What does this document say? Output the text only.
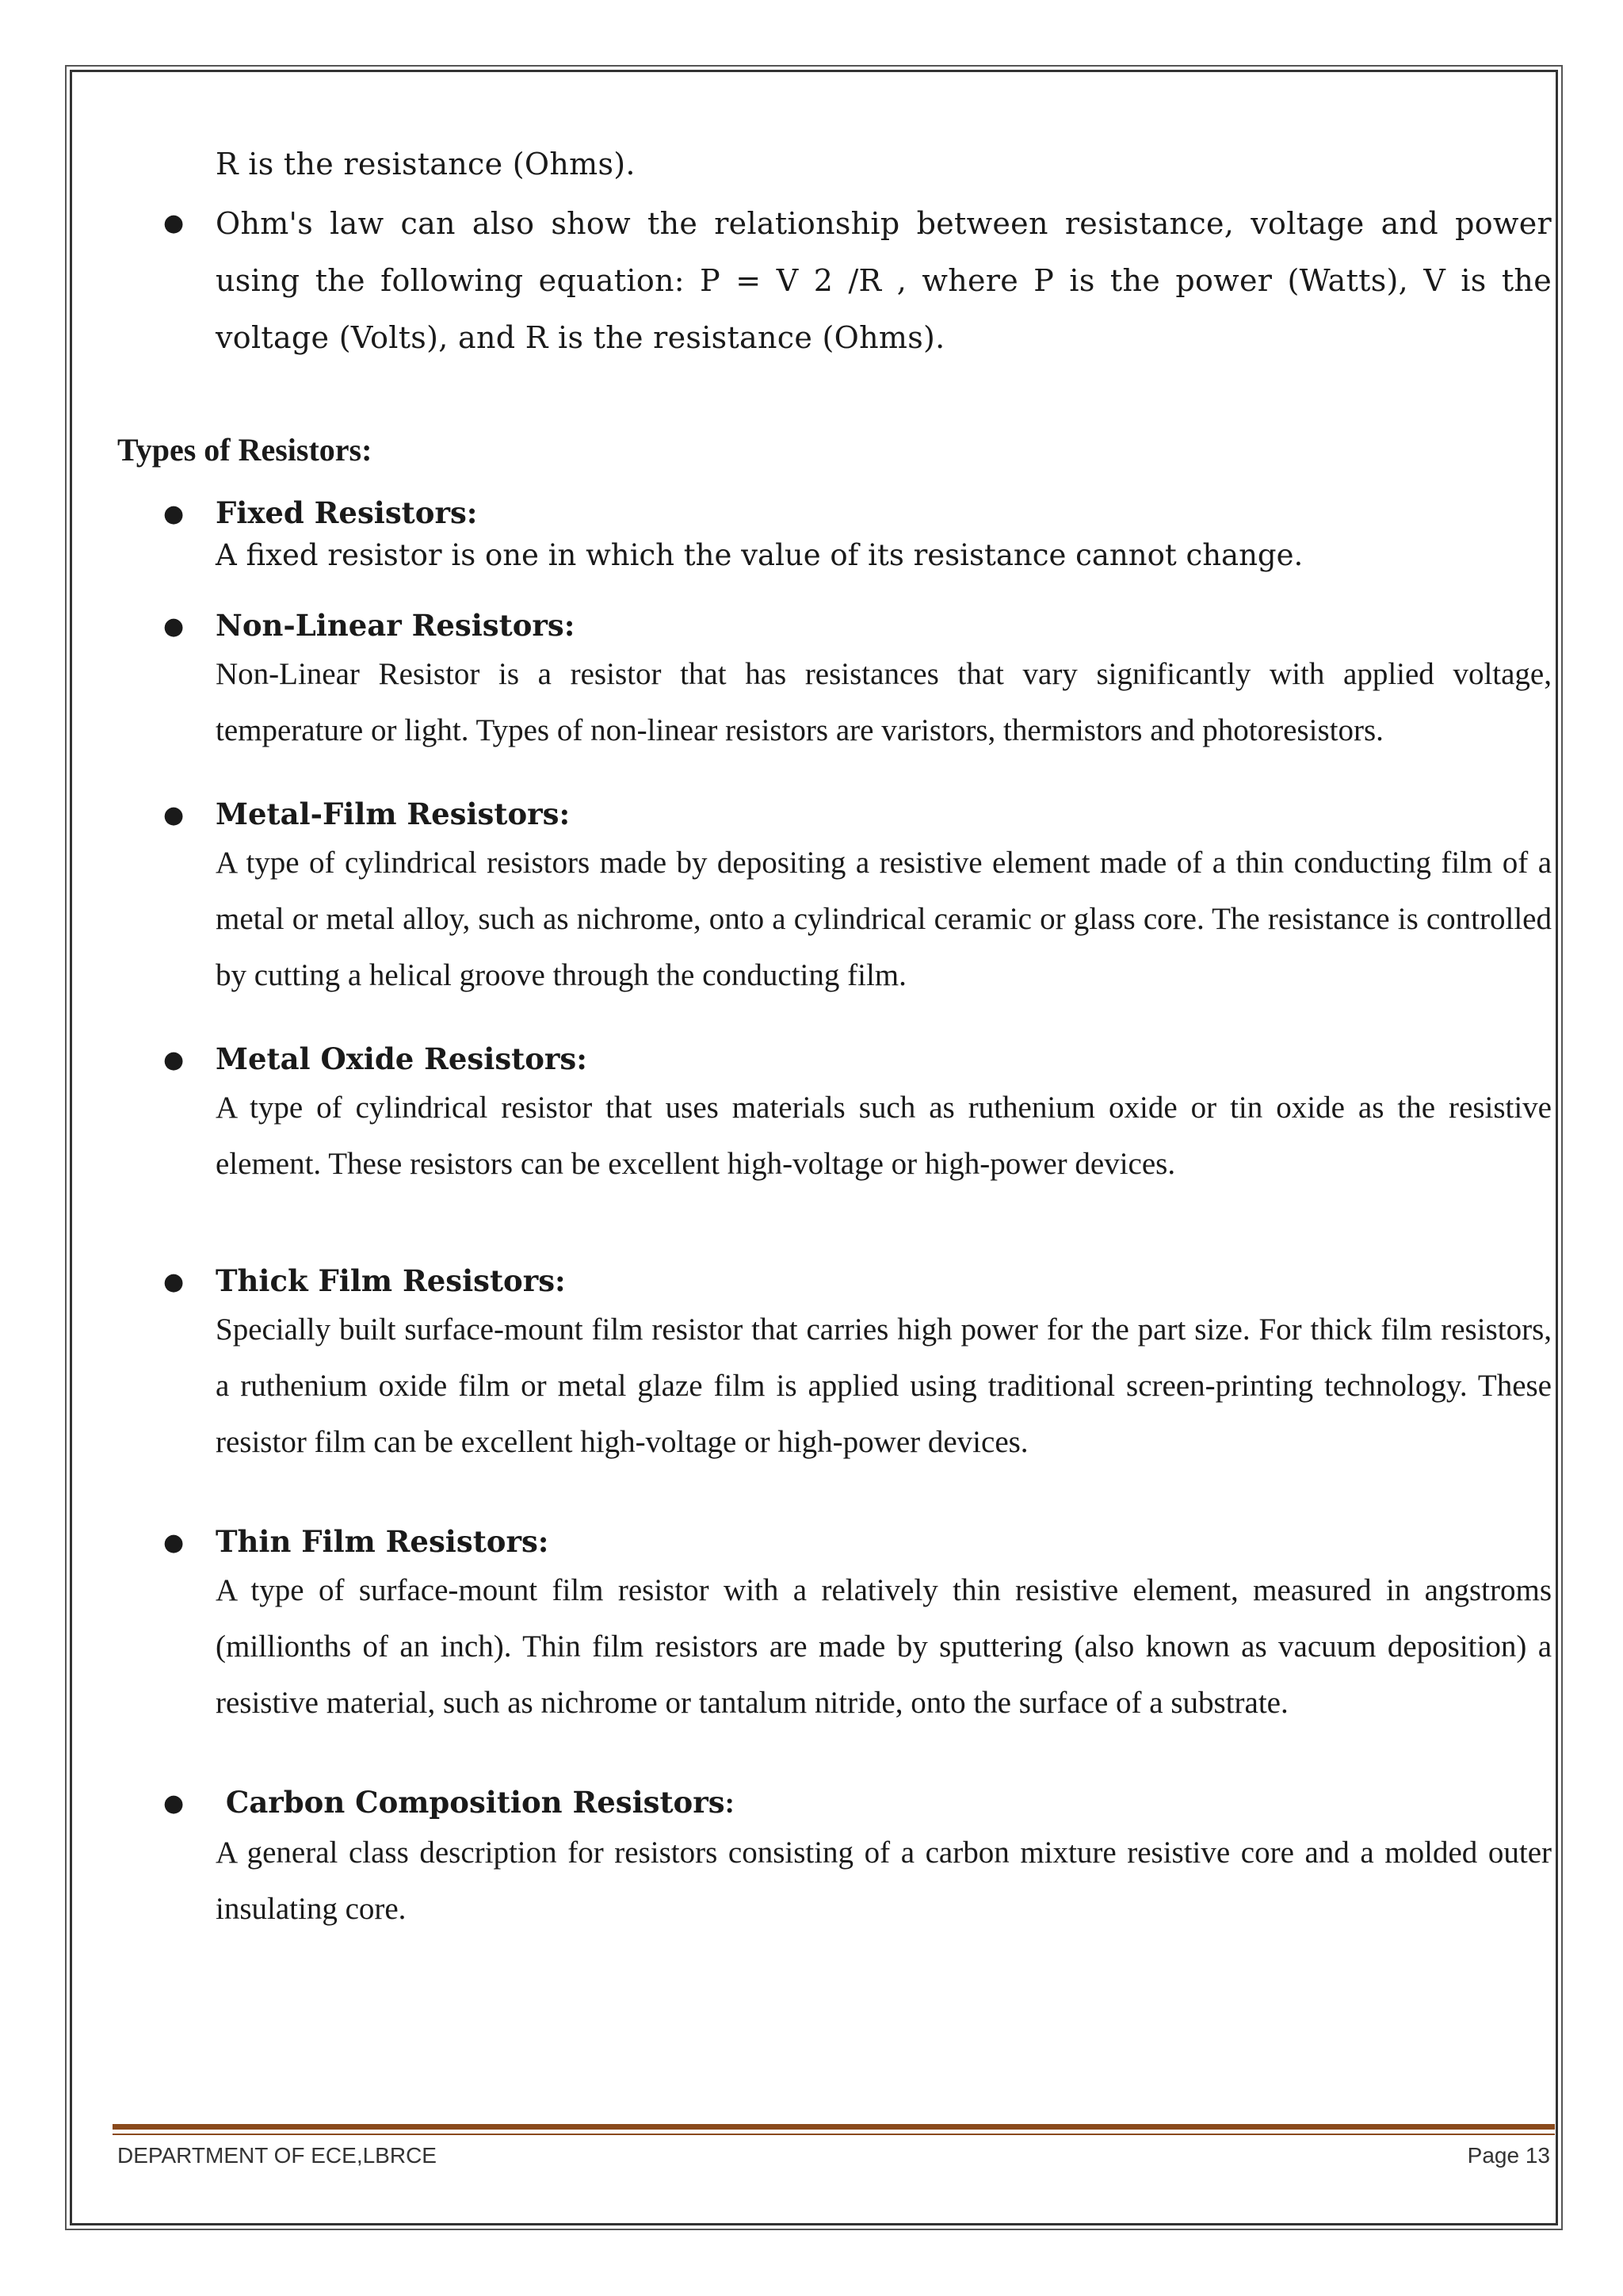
R is the resistance (Ohms).

● Ohm's law can also show the relationship between resistance, voltage and power using the following equation: P = V 2 /R , where P is the power (Watts), V is the voltage (Volts), and R is the resistance (Ohms).
Types of Resistors:
● Fixed Resistors:
A fixed resistor is one in which the value of its resistance cannot change.
● Non-Linear Resistors:
Non-Linear Resistor is a resistor that has resistances that vary significantly with applied voltage, temperature or light. Types of non-linear resistors are varistors, thermistors and photoresistors.
● Metal-Film Resistors:
A type of cylindrical resistors made by depositing a resistive element made of a thin conducting film of a metal or metal alloy, such as nichrome, onto a cylindrical ceramic or glass core. The resistance is controlled by cutting a helical groove through the conducting film.
● Metal Oxide Resistors:
A type of cylindrical resistor that uses materials such as ruthenium oxide or tin oxide as the resistive element. These resistors can be excellent high-voltage or high-power devices.
● Thick Film Resistors:
Specially built surface-mount film resistor that carries high power for the part size. For thick film resistors, a ruthenium oxide film or metal glaze film is applied using traditional screen-printing technology. These resistor film can be excellent high-voltage or high-power devices.
● Thin Film Resistors:
A type of surface-mount film resistor with a relatively thin resistive element, measured in angstroms (millionths of an inch). Thin film resistors are made by sputtering (also known as vacuum deposition) a resistive material, such as nichrome or tantalum nitride, onto the surface of a substrate.
● Carbon Composition Resistors:
A general class description for resistors consisting of a carbon mixture resistive core and a molded outer insulating core.
DEPARTMENT OF ECE,LBRCE	Page 13
